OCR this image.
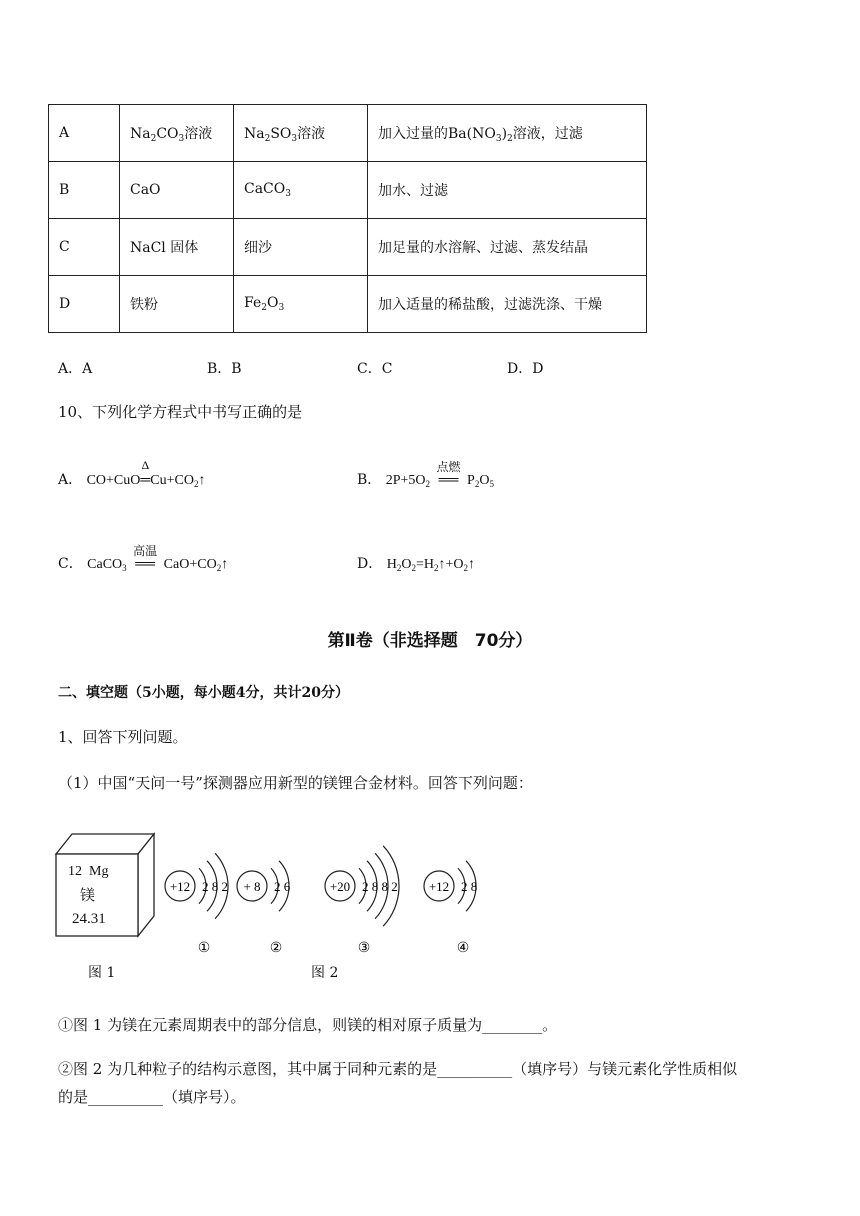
A	$Na_2CO_3$溶液	$Na_2SO_3$溶液	加入过量的$Ba(NO_3)_2$溶液，过滤
B	CaO	CaCO$_3$	加水、过滤
C	NaCl 固体	细沙	加足量的水溶解、过滤、蒸发结晶
D	铁粉	$Fe_2O_3$	加入适量的稀盐酸，过滤洗涤、干燥
A．A	B．B	C．C	D．D
10、下列化学方程式中书写正确的是
A． CO+CuO
Δ
$═Cu+CO_2↑$	B． $2P+5O_2$
点燃
══ $P_2O_5$
C． CaCO$_3$
高温
══ $CaO+CO_2↑$	D． $H_2O_2=H_2↑+O_2↑$
第Ⅱ卷（非选择题　70分）
二、填空题（5小题，每小题4分，共计20分）
1、回答下列问题。
（1）中国“天问一号”探测器应用新型的镁锂合金材料。回答下列问题：
12 Mg
镁
24.31
图 1
+12 2 8 2
①
+ 8 2 6
②
+20 2 8 8 2
③
+12 2 8
④
图 2
①图 1 为镁在元素周期表中的部分信息，则镁的相对原子质量为________。
②图 2 为几种粒子的结构示意图，其中属于同种元素的是__________（填序号）与镁元素化学性质相似
的是__________（填序号）。
